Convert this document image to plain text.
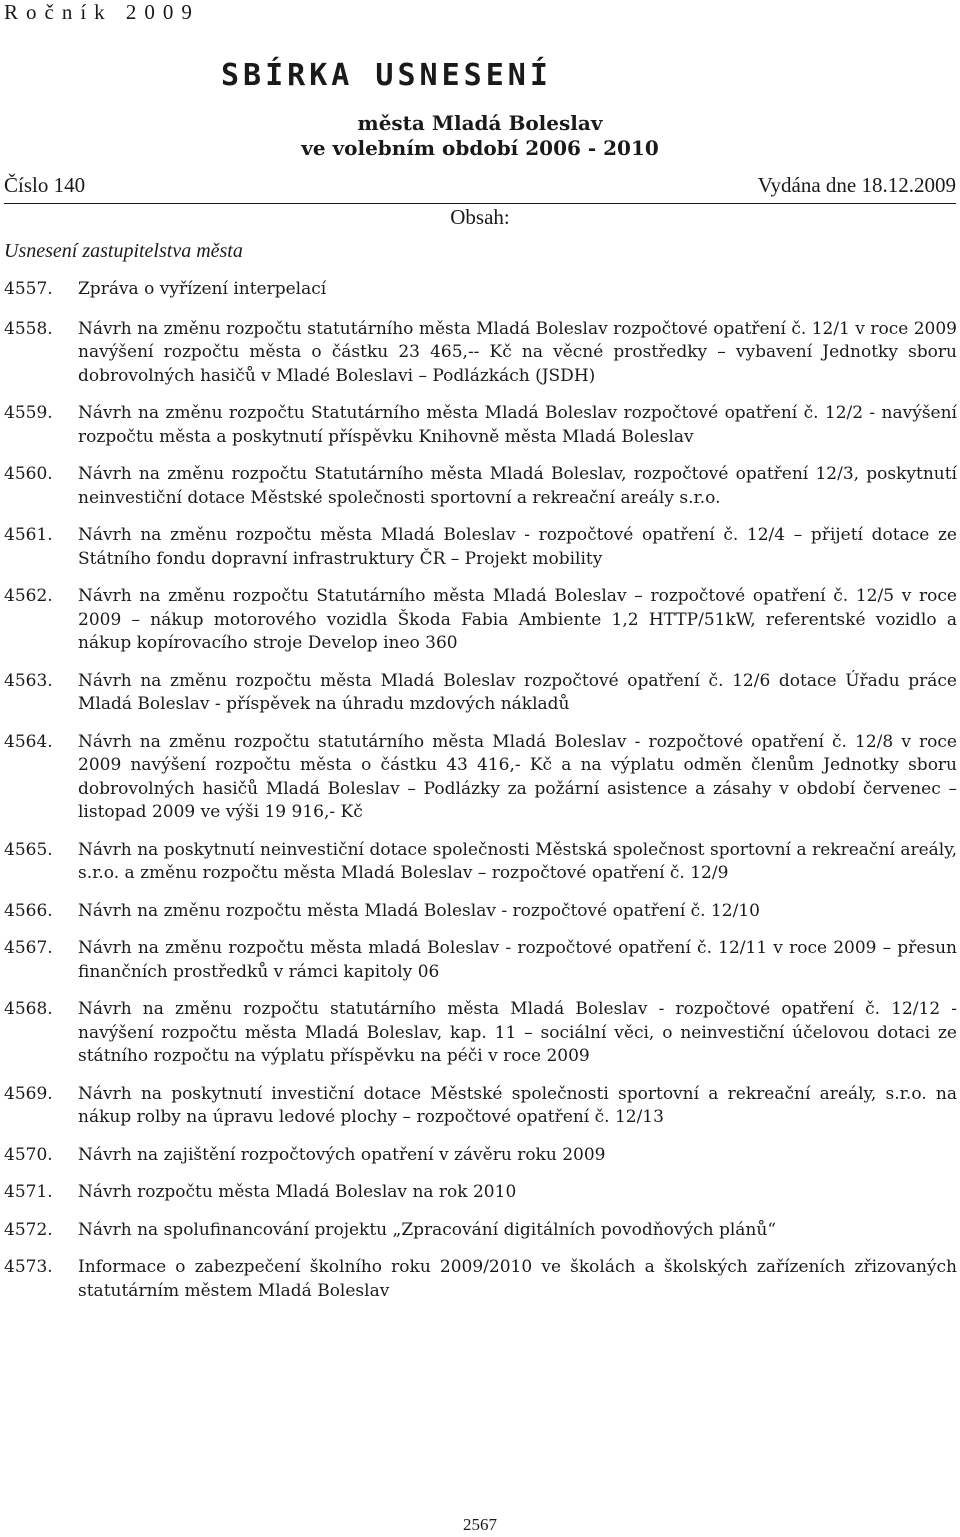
Ročník 2009
SBÍRKA USNESENÍ
města Mladá Boleslav
ve volebním období 2006 - 2010
Číslo 140	Vydána dne 18.12.2009
Obsah:
Usnesení zastupitelstva města
4557. Zpráva o vyřízení interpelací
4558. Návrh na změnu rozpočtu statutárního města Mladá Boleslav rozpočtové opatření č. 12/1 v roce 2009 navýšení rozpočtu města o částku 23 465,-- Kč na věcné prostředky – vybavení Jednotky sboru dobrovolných hasičů v Mladé Boleslavi – Podlázkách (JSDH)
4559. Návrh na změnu rozpočtu Statutárního města Mladá Boleslav rozpočtové opatření č. 12/2 - navýšení rozpočtu města a poskytnutí příspěvku Knihovně města Mladá Boleslav
4560. Návrh na změnu rozpočtu Statutárního města Mladá Boleslav, rozpočtové opatření 12/3, poskytnutí neinvestiční dotace Městské společnosti sportovní a rekreační areály s.r.o.
4561. Návrh na změnu rozpočtu města Mladá Boleslav - rozpočtové opatření č. 12/4 – přijetí dotace ze Státního fondu dopravní infrastruktury ČR – Projekt mobility
4562. Návrh na změnu rozpočtu Statutárního města Mladá Boleslav – rozpočtové opatření č. 12/5 v roce 2009 – nákup motorového vozidla Škoda Fabia Ambiente 1,2 HTTP/51kW, referentské vozidlo a nákup kopírovacího stroje Develop ineo 360
4563. Návrh na změnu rozpočtu města Mladá Boleslav rozpočtové opatření č. 12/6 dotace Úřadu práce Mladá Boleslav - příspěvek na úhradu mzdových nákladů
4564. Návrh na změnu rozpočtu statutárního města Mladá Boleslav - rozpočtové opatření č. 12/8 v roce 2009 navýšení rozpočtu města o částku 43 416,- Kč a na výplatu odměn členům Jednotky sboru dobrovolných hasičů Mladá Boleslav – Podlázky za požární asistence a zásahy v období červenec – listopad 2009 ve výši 19 916,- Kč
4565. Návrh na poskytnutí neinvestiční dotace společnosti Městská společnost sportovní a rekreační areály, s.r.o. a změnu rozpočtu města Mladá Boleslav – rozpočtové opatření č. 12/9
4566. Návrh na změnu rozpočtu města Mladá Boleslav - rozpočtové opatření č. 12/10
4567. Návrh na změnu rozpočtu města mladá Boleslav - rozpočtové opatření č. 12/11 v roce 2009 – přesun finančních prostředků v rámci kapitoly 06
4568. Návrh na změnu rozpočtu statutárního města Mladá Boleslav - rozpočtové opatření č. 12/12 - navýšení rozpočtu města Mladá Boleslav, kap. 11 – sociální věci, o neinvestiční účelovou dotaci ze státního rozpočtu na výplatu příspěvku na péči v roce 2009
4569. Návrh na poskytnutí investiční dotace Městské společnosti sportovní a rekreační areály, s.r.o. na nákup rolby na úpravu ledové plochy – rozpočtové opatření č. 12/13
4570. Návrh na zajištění rozpočtových opatření v závěru roku 2009
4571. Návrh rozpočtu města Mladá Boleslav na rok 2010
4572. Návrh na spolufinancování projektu „Zpracování digitálních povodňových plánů“
4573. Informace o zabezpečení školního roku 2009/2010 ve školách a školských zařízeních zřizovaných statutárním městem Mladá Boleslav
2567
